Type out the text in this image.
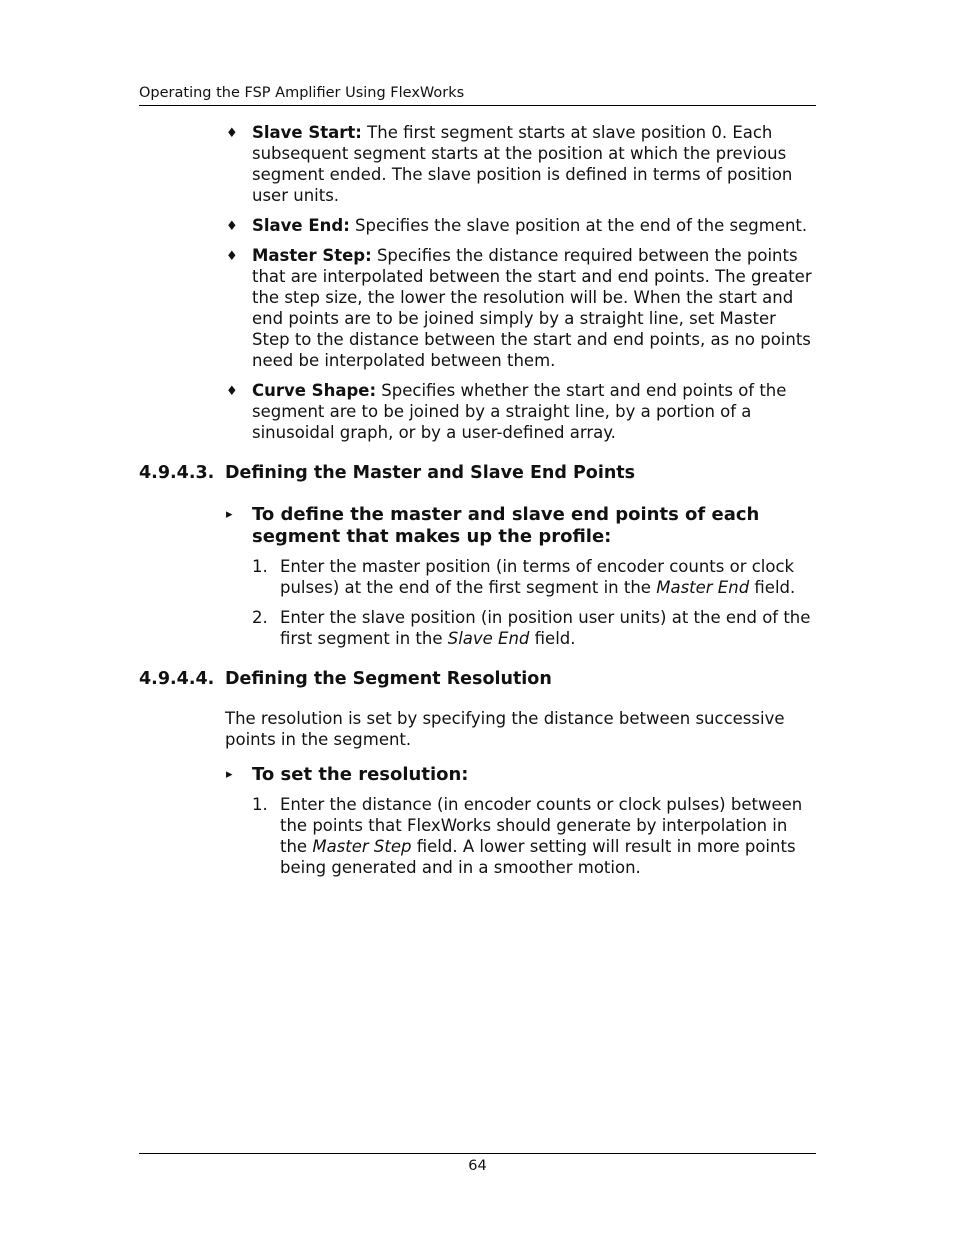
Operating the FSP Amplifier Using FlexWorks
♦ Slave Start: The first segment starts at slave position 0. Each subsequent segment starts at the position at which the previous segment ended. The slave position is defined in terms of position user units.
♦ Slave End: Specifies the slave position at the end of the segment.
♦ Master Step: Specifies the distance required between the points that are interpolated between the start and end points. The greater the step size, the lower the resolution will be. When the start and end points are to be joined simply by a straight line, set Master Step to the distance between the start and end points, as no points need be interpolated between them.
♦ Curve Shape: Specifies whether the start and end points of the segment are to be joined by a straight line, by a portion of a sinusoidal graph, or by a user-defined array.
4.9.4.3. Defining the Master and Slave End Points
▸ To define the master and slave end points of each segment that makes up the profile:
1. Enter the master position (in terms of encoder counts or clock pulses) at the end of the first segment in the Master End field.
2. Enter the slave position (in position user units) at the end of the first segment in the Slave End field.
4.9.4.4. Defining the Segment Resolution

The resolution is set by specifying the distance between successive points in the segment.

▸ To set the resolution:
1. Enter the distance (in encoder counts or clock pulses) between the points that FlexWorks should generate by interpolation in the Master Step field. A lower setting will result in more points being generated and in a smoother motion.
64
